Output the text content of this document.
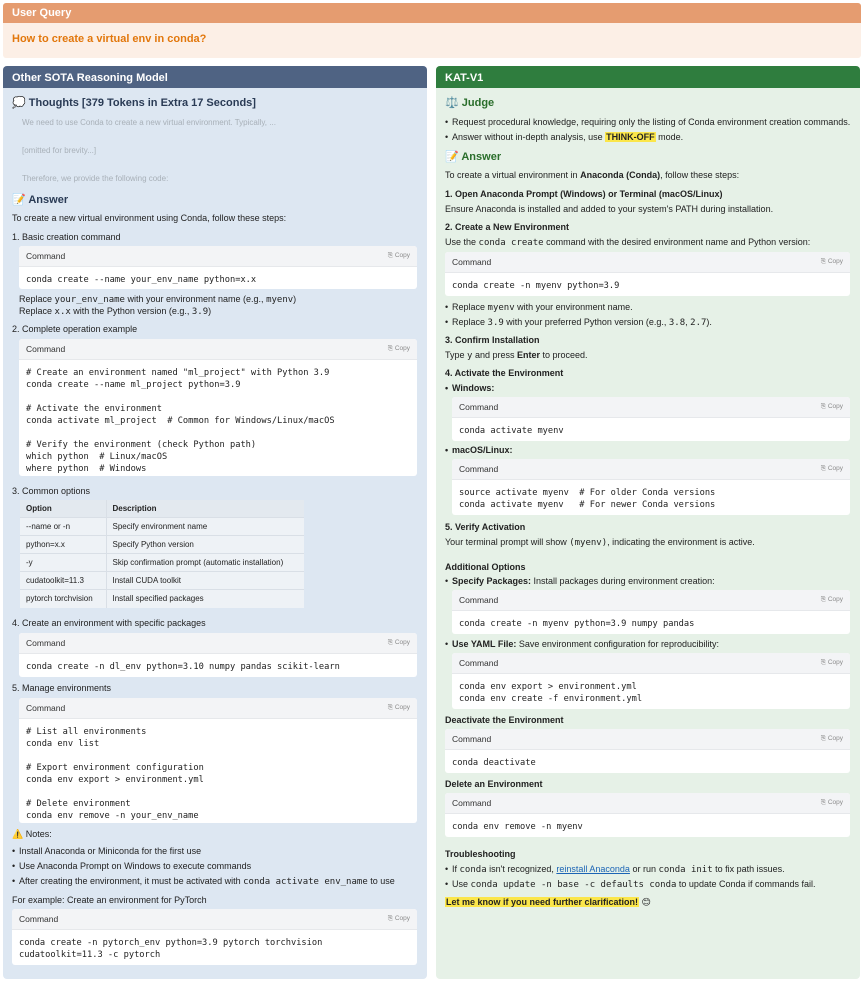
User Query
How to create a virtual env in conda?
Other SOTA Reasoning Model
💭 Thoughts [379 Tokens in Extra 17 Seconds]
We need to use Conda to create a new virtual environment. Typically, ...
[omitted for brevity...]
Therefore, we provide the following code:
📝 Answer
To create a new virtual environment using Conda, follow these steps:
1. Basic creation command
Command	⎘ Copy
conda create --name your_env_name python=x.x
Replace your_env_name with your environment name (e.g., myenv)
Replace x.x with the Python version (e.g., 3.9)
2. Complete operation example
Command	⎘ Copy
# Create an environment named "ml_project" with Python 3.9
conda create --name ml_project python=3.9

# Activate the environment
conda activate ml_project  # Common for Windows/Linux/macOS

# Verify the environment (check Python path)
which python  # Linux/macOS
where python  # Windows
3. Common options
Option	Description
--name or -n	Specify environment name
python=x.x	Specify Python version
-y	Skip confirmation prompt (automatic installation)
cudatoolkit=11.3	Install CUDA toolkit
pytorch torchvision	Install specified packages
4. Create an environment with specific packages
Command	⎘ Copy
conda create -n dl_env python=3.10 numpy pandas scikit-learn
5. Manage environments
Command	⎘ Copy
# List all environments
conda env list

# Export environment configuration
conda env export > environment.yml

# Delete environment
conda env remove -n your_env_name
⚠️ Notes:
• Install Anaconda or Miniconda for the first use
• Use Anaconda Prompt on Windows to execute commands
• After creating the environment, it must be activated with conda activate env_name to use
For example: Create an environment for PyTorch
Command	⎘ Copy
conda create -n pytorch_env python=3.9 pytorch torchvision
cudatoolkit=11.3 -c pytorch
KAT-V1
⚖️ Judge
• Request procedural knowledge, requiring only the listing of Conda environment creation commands.
• Answer without in-depth analysis, use THINK-OFF mode.
📝 Answer
To create a virtual environment in Anaconda (Conda), follow these steps:
1. Open Anaconda Prompt (Windows) or Terminal (macOS/Linux)
Ensure Anaconda is installed and added to your system's PATH during installation.
2. Create a New Environment
Use the conda create command with the desired environment name and Python version:
Command	⎘ Copy
conda create -n myenv python=3.9
• Replace myenv with your environment name.
• Replace 3.9 with your preferred Python version (e.g., 3.8, 2.7).
3. Confirm Installation
Type y and press Enter to proceed.
4. Activate the Environment
• Windows:
Command	⎘ Copy
conda activate myenv
• macOS/Linux:
Command	⎘ Copy
source activate myenv  # For older Conda versions
conda activate myenv   # For newer Conda versions
5. Verify Activation
Your terminal prompt will show (myenv), indicating the environment is active.
Additional Options
• Specify Packages: Install packages during environment creation:
Command	⎘ Copy
conda create -n myenv python=3.9 numpy pandas
• Use YAML File: Save environment configuration for reproducibility:
Command	⎘ Copy
conda env export > environment.yml
conda env create -f environment.yml
Deactivate the Environment
Command	⎘ Copy
conda deactivate
Delete an Environment
Command	⎘ Copy
conda env remove -n myenv
Troubleshooting
• If conda isn't recognized, reinstall Anaconda or run conda init to fix path issues.
• Use conda update -n base -c defaults conda to update Conda if commands fail.
Let me know if you need further clarification! 😊
